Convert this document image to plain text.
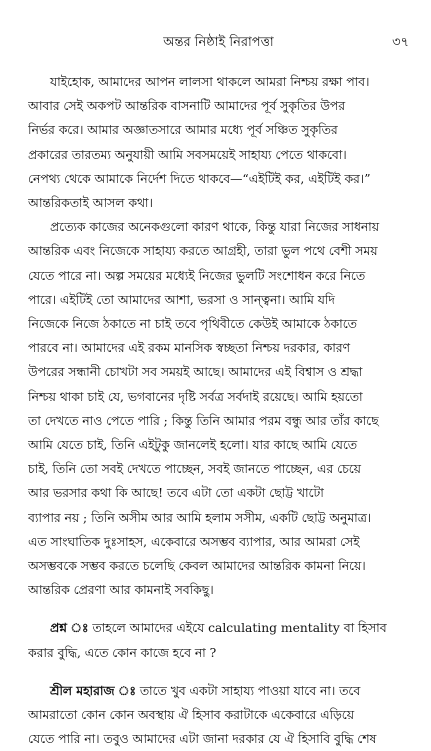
অন্তর নিষ্ঠাই নিরাপত্তা	৩৭
যাইহোক, আমাদের আপন লালসা থাকলে আমরা নিশ্চয় রক্ষা পাব।
আবার সেই অকপট আন্তরিক বাসনাটি আমাদের পূর্ব সুকৃতির উপর
নির্ভর করে। আমার অজ্ঞাতসারে আমার মধ্যে পূর্ব সঞ্চিত সুকৃতির
প্রকারের তারতম্য অনুযায়ী আমি সবসময়েই সাহায্য পেতে থাকবো।
নেপথ্য থেকে আমাকে নির্দেশ দিতে থাকবে—“এইটিই কর, এইটিই কর।”
আন্তরিকতাই আসল কথা।
প্রত্যেক কাজের অনেকগুলো কারণ থাকে, কিন্তু যারা নিজের সাধনায়
আন্তরিক এবং নিজেকে সাহায্য করতে আগ্রহী, তারা ভুল পথে বেশী সময়
যেতে পারে না। অল্প সময়ের মধ্যেই নিজের ভুলটি সংশোধন করে নিতে
পারে। এইটিই তো আমাদের আশা, ভরসা ও সান্ত্বনা। আমি যদি
নিজেকে নিজে ঠকাতে না চাই তবে পৃথিবীতে কেউই আমাকে ঠকাতে
পারবে না। আমাদের এই রকম মানসিক স্বচ্ছতা নিশ্চয় দরকার, কারণ
উপরের সন্ধানী চোখটা সব সময়ই আছে। আমাদের এই বিশ্বাস ও শ্রদ্ধা
নিশ্চয় থাকা চাই যে, ভগবানের দৃষ্টি সর্বত্র সর্বদাই রয়েছে। আমি হয়তো
তা দেখতে নাও পেতে পারি ; কিন্তু তিনি আমার পরম বন্ধু আর তাঁর কাছে
আমি যেতে চাই, তিনি এইটুকু জানলেই হলো। যার কাছে আমি যেতে
চাই, তিনি তো সবই দেখতে পাচ্ছেন, সবই জানতে পাচ্ছেন, এর চেয়ে
আর ভরসার কথা কি আছে! তবে এটা তো একটা ছোট্ট খাটো
ব্যাপার নয় ; তিনি অসীম আর আমি হলাম সসীম, একটি ছোট্ট অনুমাত্র।
এত সাংঘাতিক দুঃসাহস, একেবারে অসম্ভব ব্যাপার, আর আমরা সেই
অসম্ভবকে সম্ভব করতে চলেছি কেবল আমাদের আন্তরিক কামনা নিয়ে।
আন্তরিক প্রেরণা আর কামনাই সবকিছু।
প্রশ্ন ঃ তাহলে আমাদের এইযে calculating mentality বা হিসাব
করার বুদ্ধি, এতে কোন কাজে হবে না ?
শ্রীল মহারাজ ঃ তাতে খুব একটা সাহায্য পাওয়া যাবে না। তবে
আমরাতো কোন কোন অবস্থায় ঐ হিসাব করাটাকে একেবারে এড়িয়ে
যেতে পারি না। তবুও আমাদের এটা জানা দরকার যে ঐ হিসাবি বুদ্ধি শেষ
